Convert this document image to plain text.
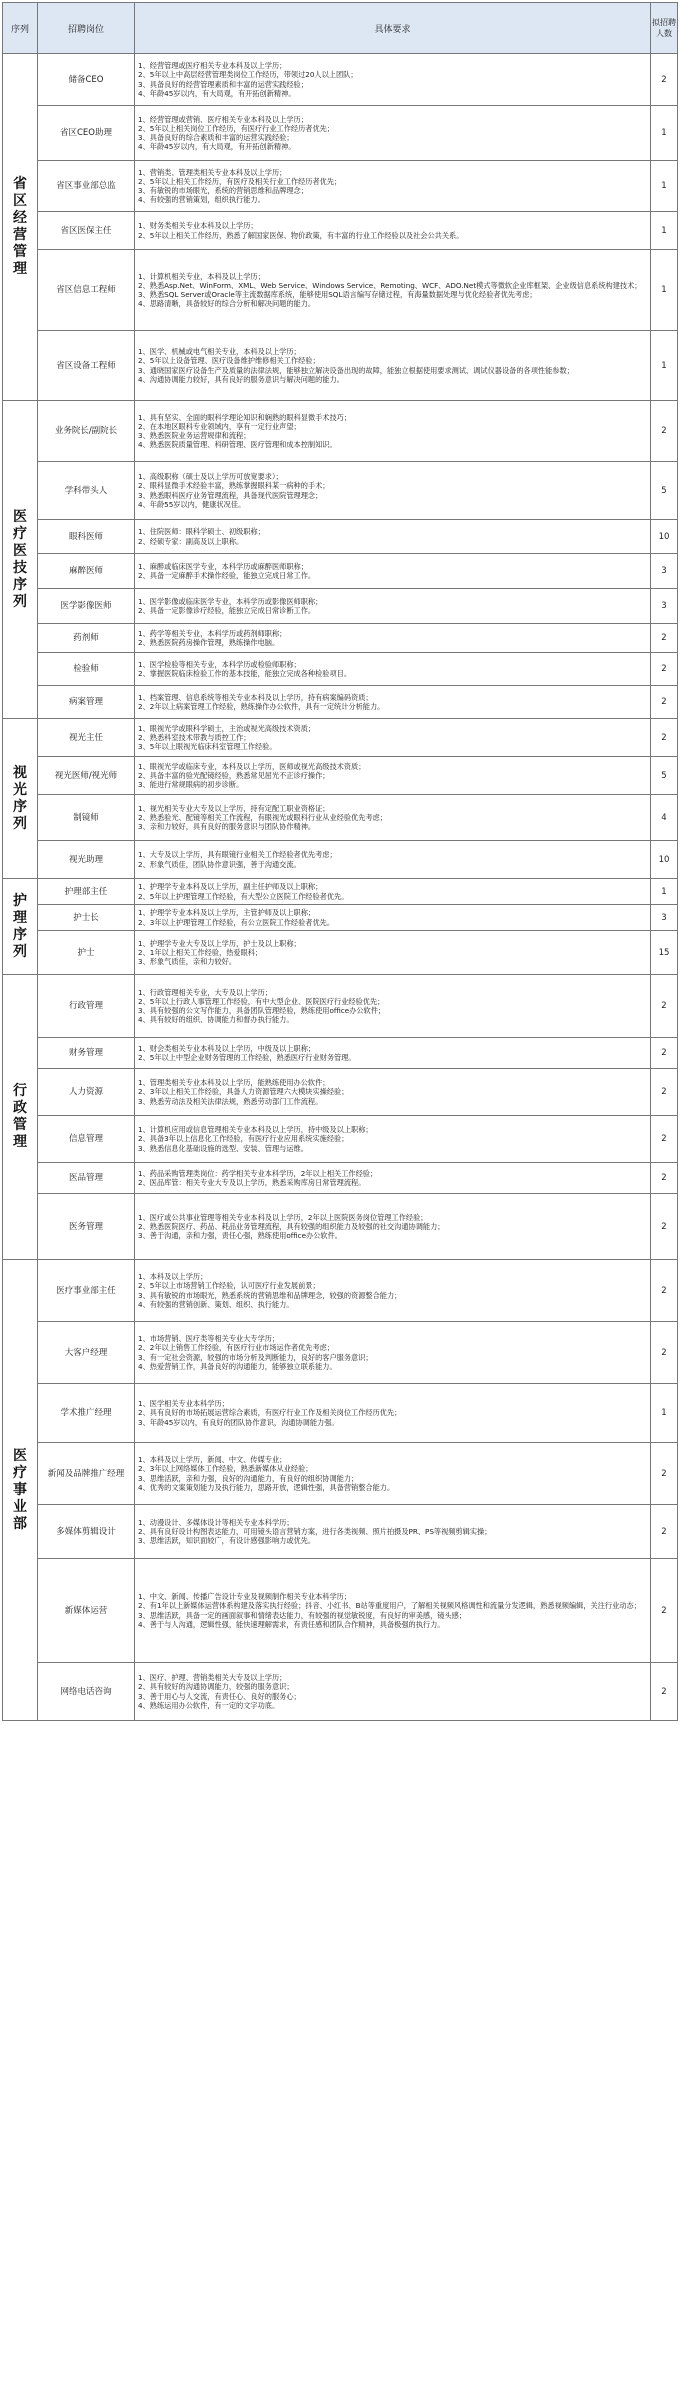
序列	招聘岗位	具体要求	拟招聘人数
省区经营管理	储备CEO	1、经营管理或医疗相关专业本科及以上学历；
2、5年以上中高层经营管理类岗位工作经历，带领过20人以上团队；
3、具备良好的经营管理素质和丰富的运营实践经验；
4、年龄45岁以内，有大局观，有开拓创新精神。	2
	省区CEO助理	1、经营管理或营销、医疗相关专业本科及以上学历；
2、5年以上相关岗位工作经历，有医疗行业工作经历者优先；
3、具备良好的综合素质和丰富的运营实践经验；
4、年龄45岁以内，有大局观，有开拓创新精神。	1
	省区事业部总监	1、营销类、管理类相关专业本科及以上学历；
2、5年以上相关工作经历，有医疗及相关行业工作经历者优先；
3、有敏锐的市场眼光，系统的营销思维和品牌理念；
4、有较强的营销策划，组织执行能力。	1
	省区医保主任	1、财务类相关专业本科及以上学历；
2、5年以上相关工作经历，熟悉了解国家医保、物价政策，有丰富的行业工作经验以及社会公共关系。	1
	省区信息工程师	1、计算机相关专业，本科及以上学历；
2、熟悉Asp.Net、WinForm、XML、Web Service、Windows Service、Remoting、WCF、ADO.Net模式等微软企业库框架、企业级信息系统构建技术；
3、熟悉SQL Server或Oracle等主流数据库系统，能够使用SQL语言编写存储过程，有海量数据处理与优化经验者优先考虑；
4、思路清晰，具备较好的综合分析和解决问题的能力。	1
	省区设备工程师	1、医学、机械或电气相关专业，本科及以上学历；
2、5年以上设备管理、医疗设备维护维修相关工作经验；
3、通晓国家医疗设备生产及质量的法律法规，能够独立解决设备出现的故障，能独立根据使用要求测试、调试仪器设备的各项性能参数；
4、沟通协调能力较好，具有良好的服务意识与解决问题的能力。	1
医疗医技序列	业务院长/副院长	1、具有坚实、全面的眼科学理论知识和娴熟的眼科显微手术技巧；
2、在本地区眼科专业领域内，享有一定行业声望；
3、熟悉医院业务运营规律和流程；
4、熟悉医院质量管理、科研管理、医疗管理和成本控制知识。	2
	学科带头人	1、高级职称（硕士及以上学历可放宽要求）；
2、眼科显微手术经验丰富，熟练掌握眼科某一病种的手术；
3、熟悉眼科医疗业务管理流程，具备现代医院管理理念；
4、年龄55岁以内，健康状况佳。	5
	眼科医师	1、住院医师：眼科学硕士、初级职称；
2、经硕专家：副高及以上职称。	10
	麻醉医师	1、麻醉或临床医学专业，本科学历或麻醉医师职称；
2、具备一定麻醉手术操作经验，能独立完成日常工作。	3
	医学影像医师	1、医学影像或临床医学专业，本科学历或影像医师职称；
2、具备一定影像诊疗经验，能独立完成日常诊断工作。	3
	药剂师	1、药学等相关专业，本科学历或药剂师职称；
2、熟悉医院药房操作管理，熟练操作电脑。	2
	检验师	1、医学检验等相关专业，本科学历或检验师职称；
2、掌握医院临床检验工作的基本技能，能独立完成各种检验项目。	2
	病案管理	1、档案管理、信息系统等相关专业本科及以上学历，持有病案编码资质；
2、2年以上病案管理工作经验，熟练操作办公软件，具有一定统计分析能力。	2
视光序列	视光主任	1、眼视光学或眼科学硕士，主治或视光高级技术资质；
2、熟悉科室技术带教与质控工作；
3、5年以上眼视光临床科室管理工作经验。	2
	视光医师/视光师	1、眼视光学或临床专业，本科及以上学历，医师或视光高级技术资质；
2、具备丰富的验光配镜经验，熟悉常见屈光不正诊疗操作；
3、能进行常规眼病的初步诊断。	5
	制镜师	1、视光相关专业大专及以上学历，持有定配工职业资格证；
2、熟悉验光、配镜等相关工作流程，有眼视光或眼科行业从业经验优先考虑；
3、亲和力较好，具有良好的服务意识与团队协作精神。	4
	视光助理	1、大专及以上学历，具有眼镜行业相关工作经验者优先考虑；
2、形象气质佳，团队协作意识强，善于沟通交流。	10
护理序列	护理部主任	1、护理学专业本科及以上学历，副主任护师及以上职称；
2、5年以上护理管理工作经验，有大型公立医院工作经验者优先。	1
	护士长	1、护理学专业本科及以上学历，主管护师及以上职称；
2、3年以上护理管理工作经验，有公立医院工作经验者优先。	3
	护士	1、护理学专业大专及以上学历，护士及以上职称；
2、1年以上相关工作经验，热爱眼科；
3、形象气质佳，亲和力较好。	15
行政管理	行政管理	1、行政管理相关专业，大专及以上学历；
2、5年以上行政人事管理工作经验，有中大型企业、医院医疗行业经验优先；
3、具有较强的公文写作能力，具备团队管理经验，熟练使用office办公软件；
4、具有较好的组织、协调能力和督办执行能力。	2
	财务管理	1、财会类相关专业本科及以上学历，中级及以上职称；
2、5年以上中型企业财务管理的工作经验，熟悉医疗行业财务管理。	2
	人力资源	1、管理类相关专业本科及以上学历，能熟练使用办公软件；
2、3年以上相关工作经验，具备人力资源管理六大模块实操经验；
3、熟悉劳动法及相关法律法规，熟悉劳动部门工作流程。	2
	信息管理	1、计算机应用或信息管理相关专业本科及以上学历，持中级及以上职称；
2、具备3年以上信息化工作经验，有医疗行业应用系统实施经验；
3、熟悉信息化基础设施的选型、安装、管理与运维。	2
	医品管理	1、药品采购管理类岗位：药学相关专业本科学历，2年以上相关工作经验；
2、医品库管：相关专业大专及以上学历，熟悉采购库房日常管理流程。	2
	医务管理	1、医疗或公共事业管理等相关专业本科及以上学历，2年以上医院医务岗位管理工作经验；
2、熟悉医院医疗、药品、耗品业务管理流程，具有较强的组织能力及较强的社交沟通协调能力；
3、善于沟通，亲和力强，责任心强，熟练使用office办公软件。	2
医疗事业部	医疗事业部主任	1、本科及以上学历；
2、5年以上市场营销工作经验，认可医疗行业发展前景；
3、具有敏锐的市场眼光，熟悉系统的营销思维和品牌理念，较强的资源整合能力；
4、有较强的营销创新、策划、组织、执行能力。	2
	大客户经理	1、市场营销、医疗类等相关专业大专学历；
2、2年以上销售工作经验，有医疗行业市场运作者优先考虑；
3、有一定社会资源，较强的市场分析及判断能力，良好的客户服务意识；
4、热爱营销工作，具备良好的沟通能力，能够独立联系能力。	2
	学术推广经理	1、医学相关专业本科学历；
2、具有良好的市场拓展运营综合素质，有医疗行业工作及相关岗位工作经历优先；
3、年龄45岁以内，有良好的团队协作意识，沟通协调能力强。	1
	新闻及品牌推广经理	1、本科及以上学历，新闻、中文、传媒专业；
2、3年以上网络媒体工作经验，熟悉新媒体从业经验；
3、思维活跃，亲和力强，良好的沟通能力，有良好的组织协调能力；
4、优秀的文案策划能力及执行能力，思路开放，逻辑性强，具备营销整合能力。	2
	多媒体剪辑设计	1、动漫设计、多媒体设计等相关专业本科学历；
2、具有良好设计构图表达能力，可用镜头语言营销方案，进行各类视频、照片拍摄及PR、PS等视频剪辑实操；
3、思维活跃，知识面较广，有设计感强影响力或优先。	2
	新媒体运营	1、中文、新闻、传播广告设计专业及视频制作相关专业本科学历；
2、有1年以上新媒体运营体系构建及落实执行经验；抖音、小红书、B站等重度用户，了解相关视频风格调性和流量分发逻辑，熟悉视频编辑，关注行业动态；
3、思维活跃，具备一定的画面叙事和情绪表达能力，有较强的视觉敏锐度，有良好的审美感，镜头感；
4、善于与人沟通，逻辑性强，能快速理解需求，有责任感和团队合作精神，具备极强的执行力。	2
	网络电话咨询	1、医疗、护理、营销类相关大专及以上学历；
2、具有较好的沟通协调能力，较强的服务意识；
3、善于用心与人交流，有责任心、良好的服务心；
4、熟练运用办公软件，有一定的文字功底。	2
